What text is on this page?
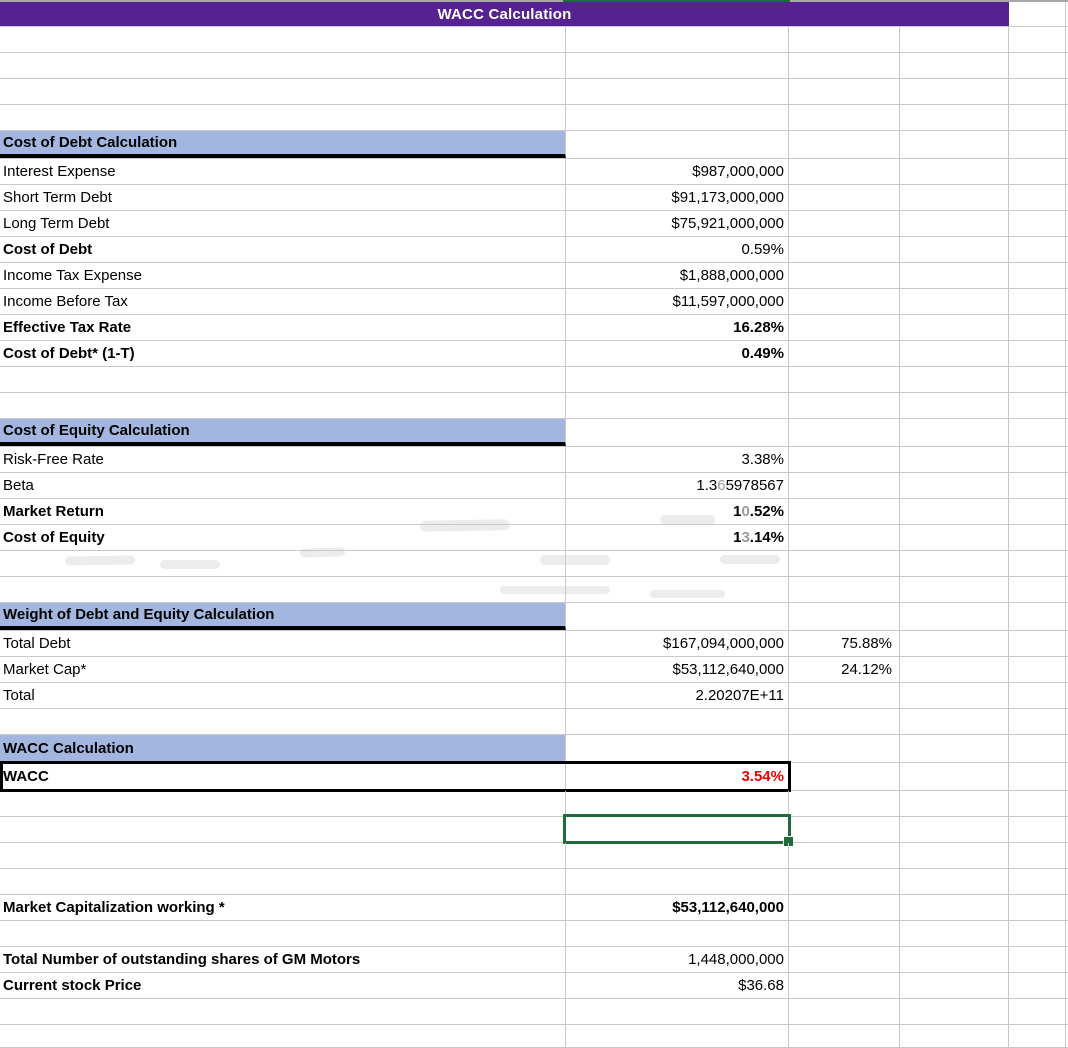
WACC Calculation
Cost of Debt Calculation
Interest Expense	$987,000,000
Short Term Debt	$91,173,000,000
Long Term Debt	$75,921,000,000
Cost of Debt	0.59%
Income Tax Expense	$1,888,000,000
Income Before Tax	$11,597,000,000
Effective Tax Rate	16.28%
Cost of Debt* (1-T)	0.49%
Cost of Equity Calculation
Risk-Free Rate	3.38%
Beta	1.3 6 5978567
Market Return	1 0 .52%
Cost of Equity	1 3 .14%
Weight of Debt and Equity Calculation
Total Debt	$167,094,000,000	75.88%
Market Cap*	$53,112,640,000	24.12%
Total	2.20207E+11
WACC Calculation
WACC	3.54%
Market Capitalization working *	$53,112,640,000
Total Number of outstanding shares of GM Motors	1,448,000,000
Current stock Price	$36.68
